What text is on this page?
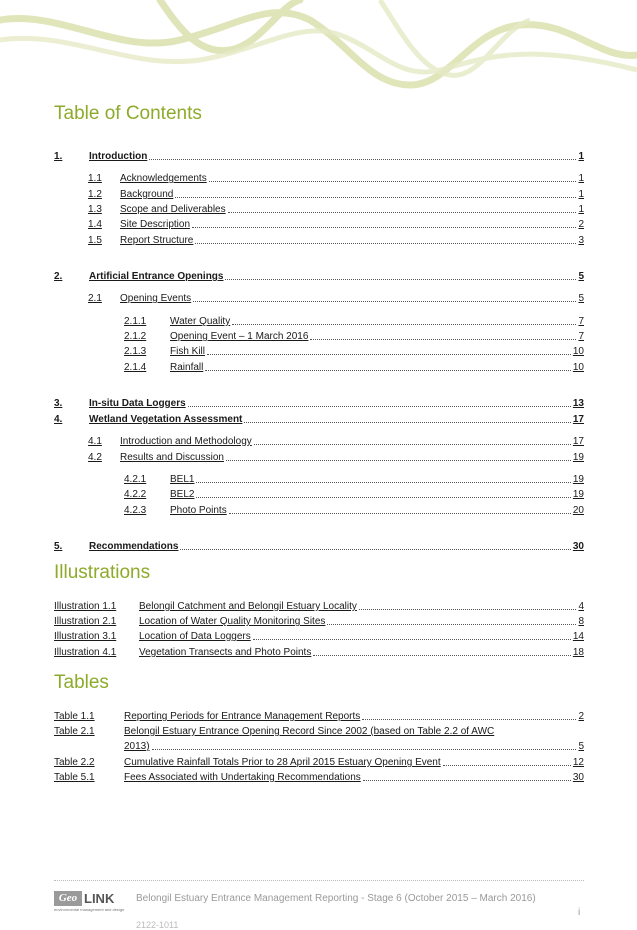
Table of Contents
1.	Introduction	1
1.1	Acknowledgements	1
1.2	Background	1
1.3	Scope and Deliverables	1
1.4	Site Description	2
1.5	Report Structure	3
2.	Artificial Entrance Openings	5
2.1	Opening Events	5
2.1.1	Water Quality	7
2.1.2	Opening Event – 1 March 2016	7
2.1.3	Fish Kill	10
2.1.4	Rainfall	10
3.	In-situ Data Loggers	13
4.	Wetland Vegetation Assessment	17
4.1	Introduction and Methodology	17
4.2	Results and Discussion	19
4.2.1	BEL1	19
4.2.2	BEL2	19
4.2.3	Photo Points	20
5.	Recommendations	30
Illustrations
Illustration 1.1	Belongil Catchment and Belongil Estuary Locality	4
Illustration 2.1	Location of Water Quality Monitoring Sites	8
Illustration 3.1	Location of Data Loggers	14
Illustration 4.1	Vegetation Transects and Photo Points	18
Tables
Table 1.1	Reporting Periods for Entrance Management Reports	2
Table 2.1	Belongil Estuary Entrance Opening Record Since 2002 (based on Table 2.2 of AWC
2013)	5
Table 2.2	Cumulative Rainfall Totals Prior to 28 April 2015 Estuary Opening Event	12
Table 5.1	Fees Associated with Undertaking Recommendations	30
Geo LINK
environmental management and design
Belongil Estuary Entrance Management Reporting - Stage 6 (October 2015 – March 2016)
i
2122-1011
